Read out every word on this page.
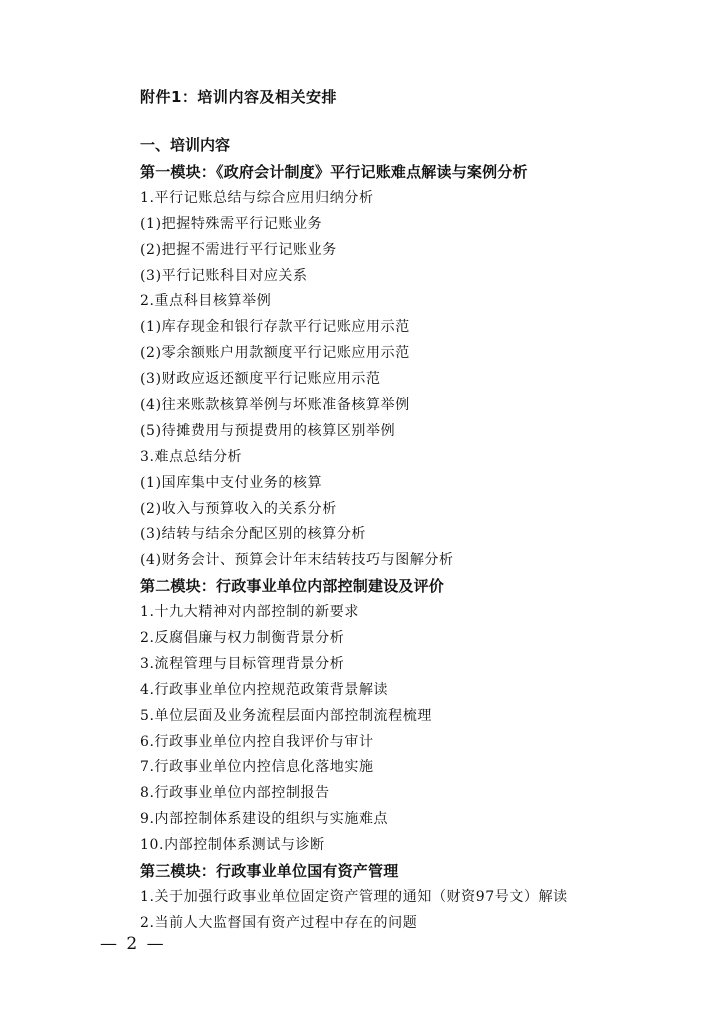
附件1：培训内容及相关安排
一、培训内容
第一模块：《政府会计制度》平行记账难点解读与案例分析
1.平行记账总结与综合应用归纳分析
(1)把握特殊需平行记账业务
(2)把握不需进行平行记账业务
(3)平行记账科目对应关系
2.重点科目核算举例
(1)库存现金和银行存款平行记账应用示范
(2)零余额账户用款额度平行记账应用示范
(3)财政应返还额度平行记账应用示范
(4)往来账款核算举例与坏账准备核算举例
(5)待摊费用与预提费用的核算区别举例
3.难点总结分析
(1)国库集中支付业务的核算
(2)收入与预算收入的关系分析
(3)结转与结余分配区别的核算分析
(4)财务会计、预算会计年末结转技巧与图解分析
第二模块：行政事业单位内部控制建设及评价
1.十九大精神对内部控制的新要求
2.反腐倡廉与权力制衡背景分析
3.流程管理与目标管理背景分析
4.行政事业单位内控规范政策背景解读
5.单位层面及业务流程层面内部控制流程梳理
6.行政事业单位内控自我评价与审计
7.行政事业单位内控信息化落地实施
8.行政事业单位内部控制报告
9.内部控制体系建设的组织与实施难点
10.内部控制体系测试与诊断
第三模块：行政事业单位国有资产管理
1.关于加强行政事业单位固定资产管理的通知（财资97号文）解读
2.当前人大监督国有资产过程中存在的问题
— 2 —
